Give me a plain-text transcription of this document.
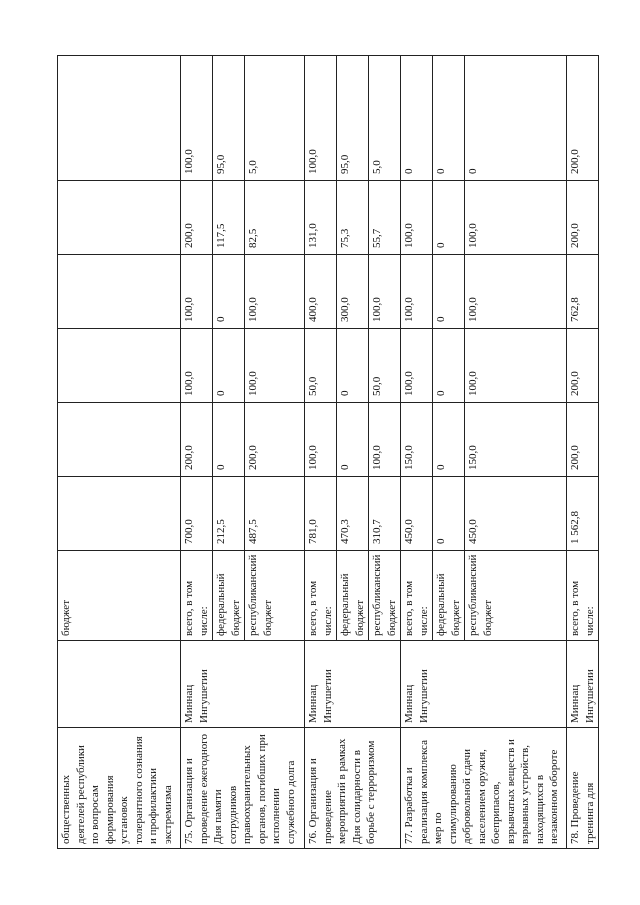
общественных деятелей республики по вопросам формирования установок толерантного сознания и профилактики экстремизма		бюджет						
75. Организация и проведение ежегодного Дня памяти сотрудников правоохранительных органов, погибших при исполнении служебного долга	Миннац Ингушетии	всего, в том числе:	700,0	200,0	100,0	100,0	200,0	100,0
		федеральный бюджет	212,5	0	0	0	117,5	95,0
		республиканский бюджет	487,5	200,0	100,0	100,0	82,5	5,0
76. Организация и проведение мероприятий в рамках Дня солидарности в борьбе с терроризмом	Миннац Ингушетии	всего, в том числе:	781,0	100,0	50,0	400,0	131,0	100,0
		федеральный бюджет	470,3	0	0	300,0	75,3	95,0
		республиканский бюджет	310,7	100,0	50,0	100,0	55,7	5,0
77. Разработка и реализация комплекса мер по стимулированию добровольной сдачи населением оружия, боеприпасов, взрывчатых веществ и взрывных устройств, находящихся в незаконном обороте	Миннац Ингушетии	всего, в том числе:	450,0	150,0	100,0	100,0	100,0	0
		федеральный бюджет	0	0	0	0	0	0
		республиканский бюджет	450,0	150,0	100,0	100,0	100,0	0
78. Проведение тренинга для	Миннац Ингушетии	всего, в том числе:	1 562,8	200,0	200,0	762,8	200,0	200,0
